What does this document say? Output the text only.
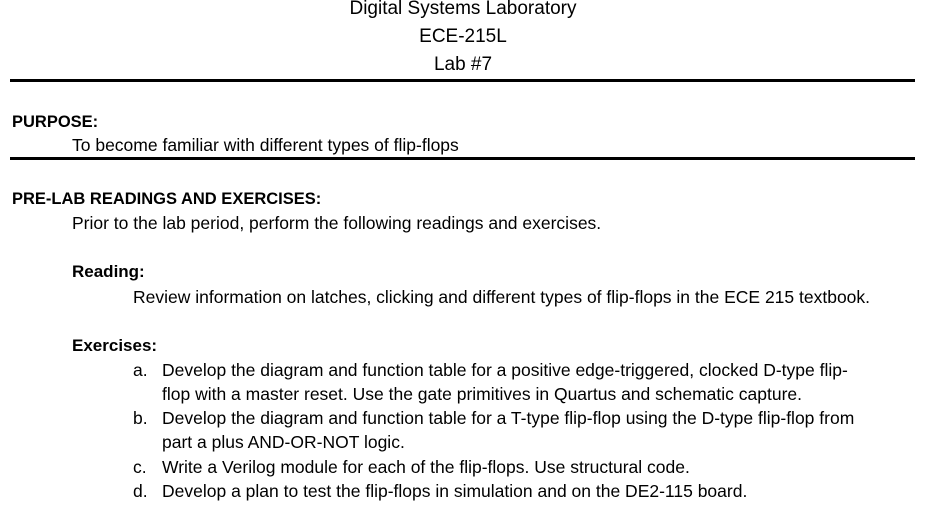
Digital Systems Laboratory
ECE-215L
Lab #7
PURPOSE:
To become familiar with different types of flip-flops
PRE-LAB READINGS AND EXERCISES:
Prior to the lab period, perform the following readings and exercises.
Reading:
Review information on latches, clicking and different types of flip-flops in the ECE 215 textbook.
Exercises:
a. Develop the diagram and function table for a positive edge-triggered, clocked D-type flip-
flop with a master reset. Use the gate primitives in Quartus and schematic capture.
b. Develop the diagram and function table for a T-type flip-flop using the D-type flip-flop from
part a plus AND-OR-NOT logic.
c. Write a Verilog module for each of the flip-flops. Use structural code.
d. Develop a plan to test the flip-flops in simulation and on the DE2-115 board.
